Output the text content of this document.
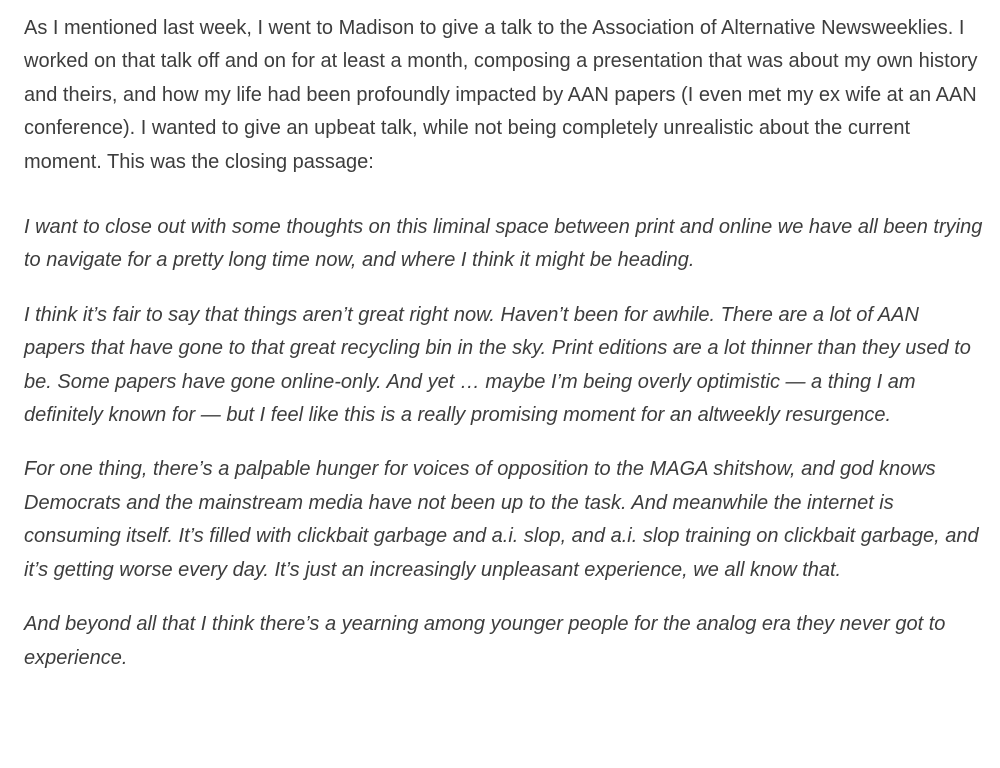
As I mentioned last week, I went to Madison to give a talk to the Association of Alternative Newsweeklies. I worked on that talk off and on for at least a month, composing a presentation that was about my own history and theirs, and how my life had been profoundly impacted by AAN papers (I even met my ex wife at an AAN conference). I wanted to give an upbeat talk, while not being completely unrealistic about the current moment. This was the closing passage:

I want to close out with some thoughts on this liminal space between print and online we have all been trying to navigate for a pretty long time now, and where I think it might be heading.

I think it’s fair to say that things aren’t great right now. Haven’t been for awhile. There are a lot of AAN papers that have gone to that great recycling bin in the sky. Print editions are a lot thinner than they used to be. Some papers have gone online-only. And yet … maybe I’m being overly optimistic — a thing I am definitely known for — but I feel like this is a really promising moment for an altweekly resurgence.

For one thing, there’s a palpable hunger for voices of opposition to the MAGA shitshow, and god knows Democrats and the mainstream media have not been up to the task. And meanwhile the internet is consuming itself. It’s filled with clickbait garbage and a.i. slop, and a.i. slop training on clickbait garbage, and it’s getting worse every day. It’s just an increasingly unpleasant experience, we all know that.

And beyond all that I think there’s a yearning among younger people for the analog era they never got to experience.
